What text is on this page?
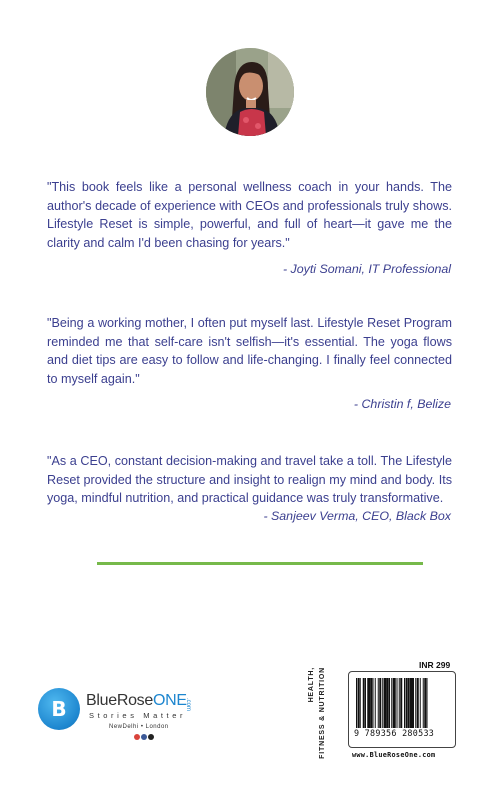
"This book feels like a personal wellness coach in your hands. The author's decade of experience with CEOs and professionals truly shows. Lifestyle Reset is simple, powerful, and full of heart—it gave me the clarity and calm I'd been chasing for years."

- Joyti Somani, IT Professional

"Being a working mother, I often put myself last. Lifestyle Reset Program reminded me that self-care isn't selfish—it's essential. The yoga flows and diet tips are easy to follow and life-changing. I finally feel connected to myself again."

- Christin f, Belize

"As a CEO, constant decision-making and travel take a toll. The Lifestyle Reset provided the structure and insight to realign my mind and body. Its yoga, mindful nutrition, and practical guidance was truly transformative.

- Sanjeev Verma, CEO, Black Box

B BlueRoseONE
.com
Stories Matter
NewDelhi • London
HEALTH,
FITNESS & NUTRITION
INR 299
9 789356 280533
www.BlueRoseOne.com
